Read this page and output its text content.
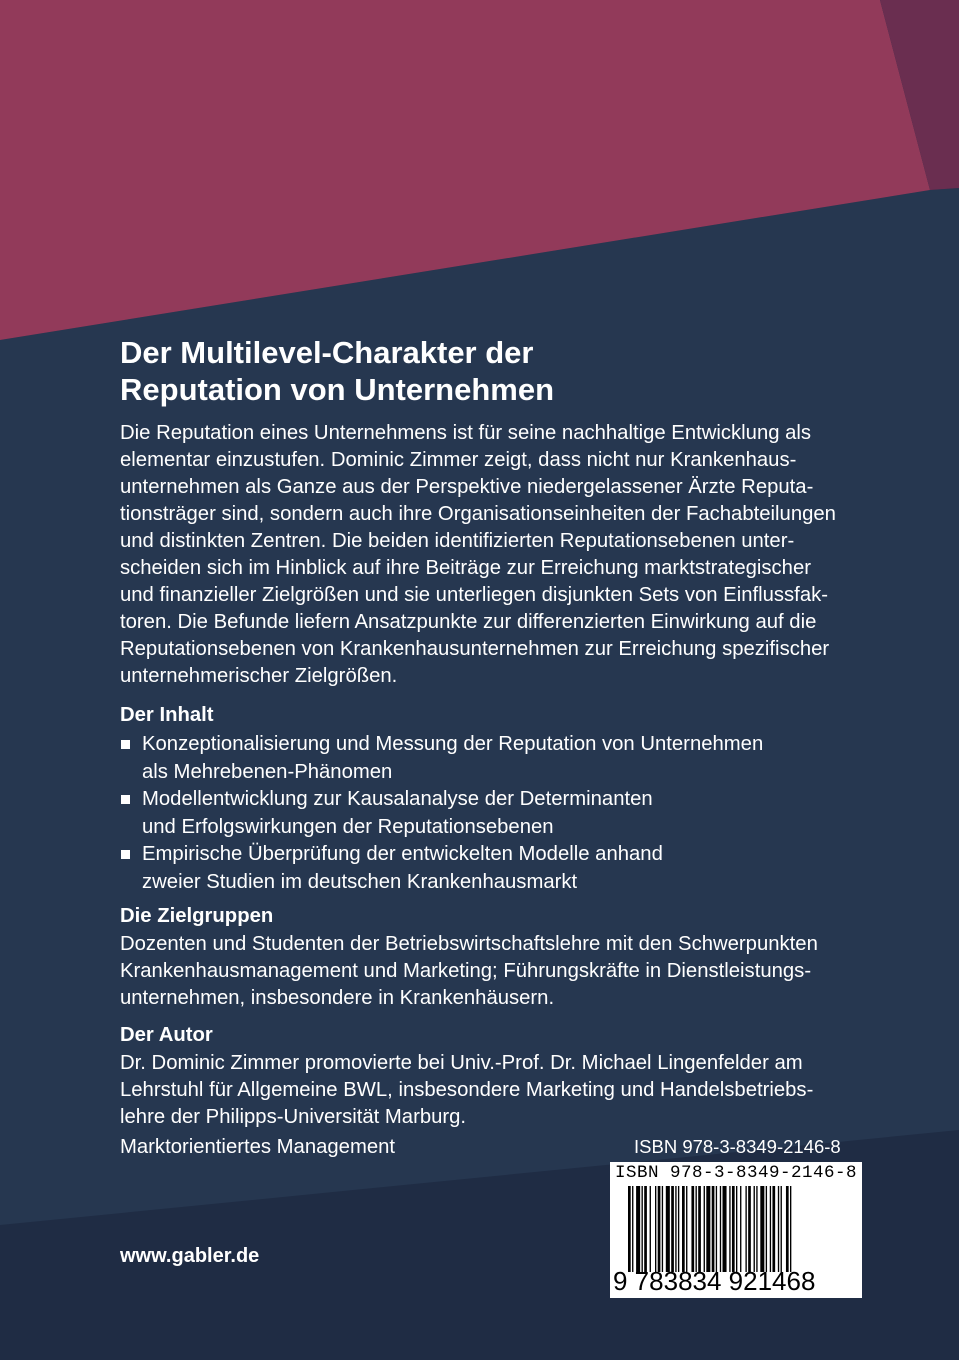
Der Multilevel-Charakter der
Reputation von Unternehmen
Die Reputation eines Unternehmens ist für seine nachhaltige Entwicklung als
elementar einzustufen. Dominic Zimmer zeigt, dass nicht nur Krankenhaus-
unternehmen als Ganze aus der Perspektive niedergelassener Ärzte Reputa-
tionsträger sind, sondern auch ihre Organisationseinheiten der Fachabteilungen
und distinkten Zentren. Die beiden identifizierten Reputationsebenen unter-
scheiden sich im Hinblick auf ihre Beiträge zur Erreichung marktstrategischer
und finanzieller Zielgrößen und sie unterliegen disjunkten Sets von Einflussfak-
toren. Die Befunde liefern Ansatzpunkte zur differenzierten Einwirkung auf die
Reputationsebenen von Krankenhausunternehmen zur Erreichung spezifischer
unternehmerischer Zielgrößen.
Der Inhalt
Konzeptionalisierung und Messung der Reputation von Unternehmen
als Mehrebenen-Phänomen
Modellentwicklung zur Kausalanalyse der Determinanten
und Erfolgswirkungen der Reputationsebenen
Empirische Überprüfung der entwickelten Modelle anhand
zweier Studien im deutschen Krankenhausmarkt
Die Zielgruppen
Dozenten und Studenten der Betriebswirtschaftslehre mit den Schwerpunkten
Krankenhausmanagement und Marketing; Führungskräfte in Dienstleistungs-
unternehmen, insbesondere in Krankenhäusern.
Der Autor
Dr. Dominic Zimmer promovierte bei Univ.-Prof. Dr. Michael Lingenfelder am
Lehrstuhl für Allgemeine BWL, insbesondere Marketing und Handelsbetriebs-
lehre der Philipps-Universität Marburg.
Marktorientiertes Management	ISBN 978-3-8349-2146-8
www.gabler.de
ISBN 978-3-8349-2146-8
9 783834 921468
